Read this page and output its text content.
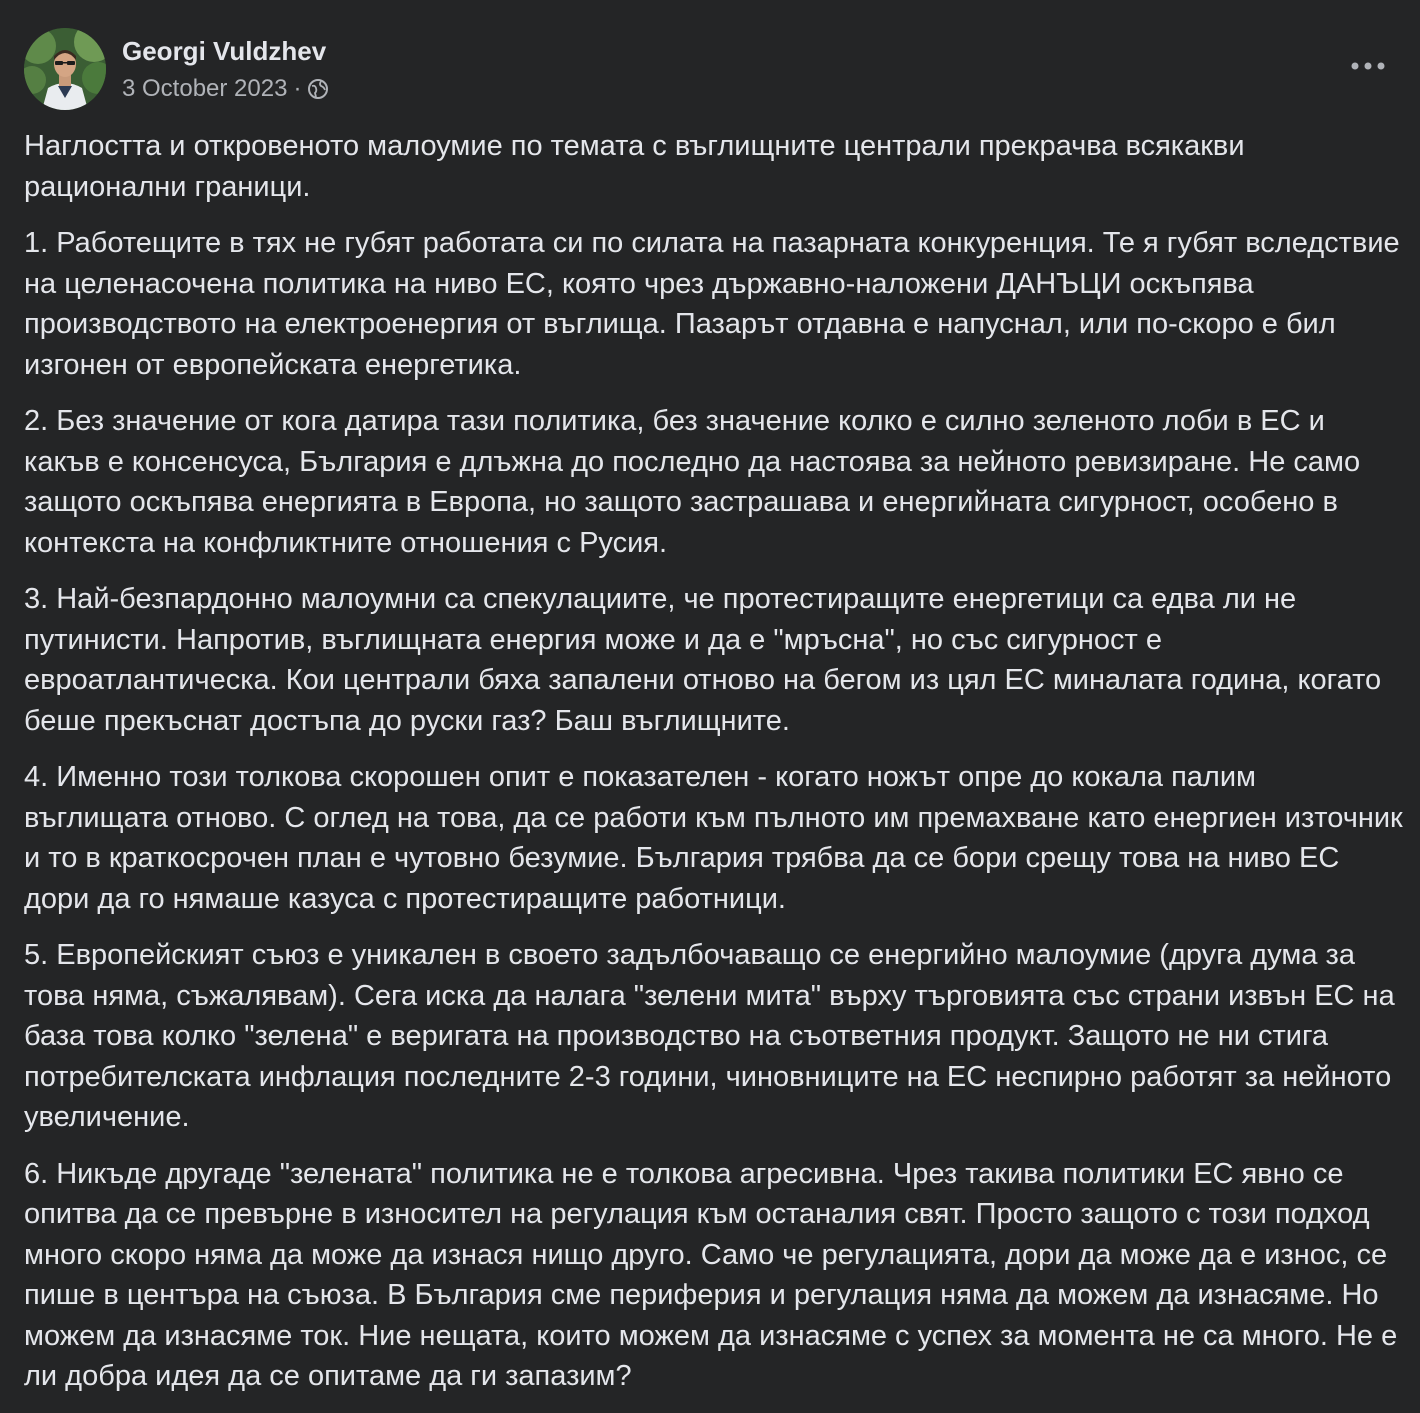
Georgi Vuldzhev
3 October 2023 ·

Наглостта и откровеното малоумие по темата с въглищните централи прекрачва всякакви рационални граници.

1. Работещите в тях не губят работата си по силата на пазарната конкуренция. Те я губят вследствие на целенасочена политика на ниво ЕС, която чрез държавно-наложени ДАНЪЦИ оскъпява производството на електроенергия от въглища. Пазарът отдавна е напуснал, или по-скоро е бил изгонен от европейската енергетика.

2. Без значение от кога датира тази политика, без значение колко е силно зеленото лоби в ЕС и какъв е консенсуса, България е длъжна до последно да настоява за нейното ревизиране. Не само защото оскъпява енергията в Европа, но защото застрашава и енергийната сигурност, особено в контекста на конфликтните отношения с Русия.

3. Най-безпардонно малоумни са спекулациите, че протестиращите енергетици са едва ли не путинисти. Напротив, въглищната енергия може и да е "мръсна", но със сигурност е евроатлантическа. Кои централи бяха запалени отново на бегом из цял ЕС миналата година, когато беше прекъснат достъпа до руски газ? Баш въглищните.

4. Именно този толкова скорошен опит е показателен - когато ножът опре до кокала палим въглищата отново. С оглед на това, да се работи към пълното им премахване като енергиен източник и то в краткосрочен план е чутовно безумие. България трябва да се бори срещу това на ниво ЕС дори да го нямаше казуса с протестиращите работници.

5. Европейският съюз е уникален в своето задълбочаващо се енергийно малоумие (друга дума за това няма, съжалявам). Сега иска да налага "зелени мита" върху търговията със страни извън ЕС на база това колко "зелена" е веригата на производство на съответния продукт. Защото не ни стига потребителската инфлация последните 2-3 години, чиновниците на ЕС неспирно работят за нейното увеличение.

6. Никъде другаде "зелената" политика не е толкова агресивна. Чрез такива политики ЕС явно се опитва да се превърне в износител на регулация към останалия свят. Просто защото с този подход много скоро няма да може да изнася нищо друго. Само че регулацията, дори да може да е износ, се пише в центъра на съюза. В България сме периферия и регулация няма да можем да изнасяме. Но можем да изнасяме ток. Ние нещата, които можем да изнасяме с успех за момента не са много. Не е ли добра идея да се опитаме да ги запазим?
